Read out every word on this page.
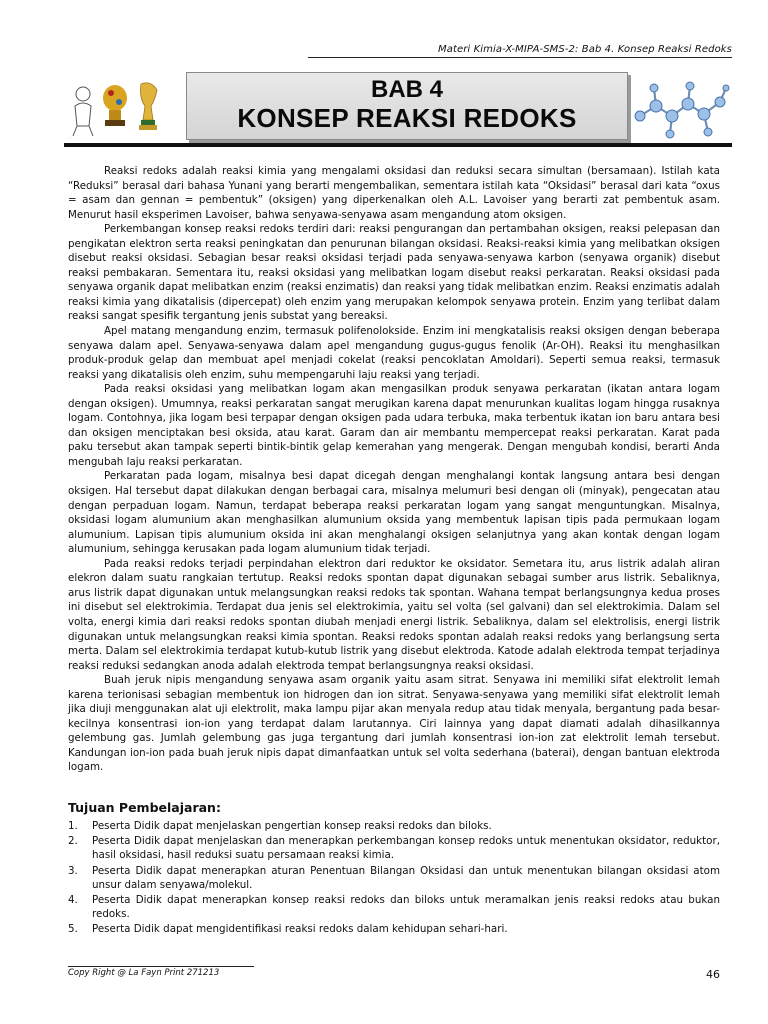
Materi Kimia-X-MIPA-SMS-2: Bab 4. Konsep Reaksi Redoks
⋯
BAB 4
KONSEP REAKSI REDOKS

Reaksi redoks adalah reaksi kimia yang mengalami oksidasi dan reduksi secara simultan (bersamaan). Istilah kata “Reduksi” berasal dari bahasa Yunani yang berarti mengembalikan, sementara istilah kata “Oksidasi” berasal dari kata “oxus = asam dan gennan = pembentuk” (oksigen) yang diperkenalkan oleh A.L. Lavoiser yang berarti zat pembentuk asam. Menurut hasil eksperimen Lavoiser, bahwa senyawa-senyawa asam mengandung atom oksigen.

Perkembangan konsep reaksi redoks terdiri dari: reaksi pengurangan dan pertambahan oksigen, reaksi pelepasan dan pengikatan elektron serta reaksi peningkatan dan penurunan bilangan oksidasi. Reaksi-reaksi kimia yang melibatkan oksigen disebut reaksi oksidasi. Sebagian besar reaksi oksidasi terjadi pada senyawa-senyawa karbon (senyawa organik) disebut reaksi pembakaran. Sementara itu, reaksi oksidasi yang melibatkan logam disebut reaksi perkaratan. Reaksi oksidasi pada senyawa organik dapat melibatkan enzim (reaksi enzimatis) dan reaksi yang tidak melibatkan enzim. Reaksi enzimatis adalah reaksi kimia yang dikatalisis (dipercepat) oleh enzim yang merupakan kelompok senyawa protein. Enzim yang terlibat dalam reaksi sangat spesifik tergantung jenis substat yang bereaksi.

Apel matang mengandung enzim, termasuk polifenolokside. Enzim ini mengkatalisis reaksi oksigen dengan beberapa senyawa dalam apel. Senyawa-senyawa dalam apel mengandung gugus-gugus fenolik (Ar-OH). Reaksi itu menghasilkan produk-produk gelap dan membuat apel menjadi cokelat (reaksi pencoklatan Amoldari). Seperti semua reaksi, termasuk reaksi yang dikatalisis oleh enzim, suhu mempengaruhi laju reaksi yang terjadi.

Pada reaksi oksidasi yang melibatkan logam akan mengasilkan produk senyawa perkaratan (ikatan antara logam dengan oksigen). Umumnya, reaksi perkaratan sangat merugikan karena dapat menurunkan kualitas logam hingga rusaknya logam. Contohnya, jika logam besi terpapar dengan oksigen pada udara terbuka, maka terbentuk ikatan ion baru antara besi dan oksigen menciptakan besi oksida, atau karat. Garam dan air membantu mempercepat reaksi perkaratan. Karat pada paku tersebut akan tampak seperti bintik-bintik gelap kemerahan yang mengerak. Dengan mengubah kondisi, berarti Anda mengubah laju reaksi perkaratan.

Perkaratan pada logam, misalnya besi dapat dicegah dengan menghalangi kontak langsung antara besi dengan oksigen. Hal tersebut dapat dilakukan dengan berbagai cara, misalnya melumuri besi dengan oli (minyak), pengecatan atau dengan perpaduan logam. Namun, terdapat beberapa reaksi perkaratan logam yang sangat menguntungkan. Misalnya, oksidasi logam alumunium akan menghasilkan alumunium oksida yang membentuk lapisan tipis pada permukaan logam alumunium. Lapisan tipis alumunium oksida ini akan menghalangi oksigen selanjutnya yang akan kontak dengan logam alumunium, sehingga kerusakan pada logam alumunium tidak terjadi.

Pada reaksi redoks terjadi perpindahan elektron dari reduktor ke oksidator. Semetara itu, arus listrik adalah aliran elekron dalam suatu rangkaian tertutup. Reaksi redoks spontan dapat digunakan sebagai sumber arus listrik. Sebaliknya, arus listrik dapat digunakan untuk melangsungkan reaksi redoks tak spontan. Wahana tempat berlangsungnya kedua proses ini disebut sel elektrokimia. Terdapat dua jenis sel elektrokimia, yaitu sel volta (sel galvani) dan sel elektrokimia. Dalam sel volta, energi kimia dari reaksi redoks spontan diubah menjadi energi listrik. Sebaliknya, dalam sel elektrolisis, energi listrik digunakan untuk melangsungkan reaksi kimia spontan. Reaksi redoks spontan adalah reaksi redoks yang berlangsung serta merta. Dalam sel elektrokimia terdapat kutub-kutub listrik yang disebut elektroda. Katode adalah elektroda tempat terjadinya reaksi reduksi sedangkan anoda adalah elektroda tempat berlangsungnya reaksi oksidasi.

Buah jeruk nipis mengandung senyawa asam organik yaitu asam sitrat. Senyawa ini memiliki sifat elektrolit lemah karena terionisasi sebagian membentuk ion hidrogen dan ion sitrat. Senyawa-senyawa yang memiliki sifat elektrolit lemah jika diuji menggunakan alat uji elektrolit, maka lampu pijar akan menyala redup atau tidak menyala, bergantung pada besar-kecilnya konsentrasi ion-ion yang terdapat dalam larutannya. Ciri lainnya yang dapat diamati adalah dihasilkannya gelembung gas. Jumlah gelembung gas juga tergantung dari jumlah konsentrasi ion-ion zat elektrolit lemah tersebut. Kandungan ion-ion pada buah jeruk nipis dapat dimanfaatkan untuk sel volta sederhana (baterai), dengan bantuan elektroda logam.

Tujuan Pembelajaran:
1. Peserta Didik dapat menjelaskan pengertian konsep reaksi redoks dan biloks.
2. Peserta Didik dapat menjelaskan dan menerapkan perkembangan konsep redoks untuk menentukan oksidator, reduktor, hasil oksidasi, hasil reduksi suatu persamaan reaksi kimia.
3. Peserta Didik dapat menerapkan aturan Penentuan Bilangan Oksidasi dan untuk menentukan bilangan oksidasi atom unsur dalam senyawa/molekul.
4. Peserta Didik dapat menerapkan konsep reaksi redoks dan biloks untuk meramalkan jenis reaksi redoks atau bukan redoks.
5. Peserta Didik dapat mengidentifikasi reaksi redoks dalam kehidupan sehari-hari.
Copy Right @ La Fayn Print 271213	46
